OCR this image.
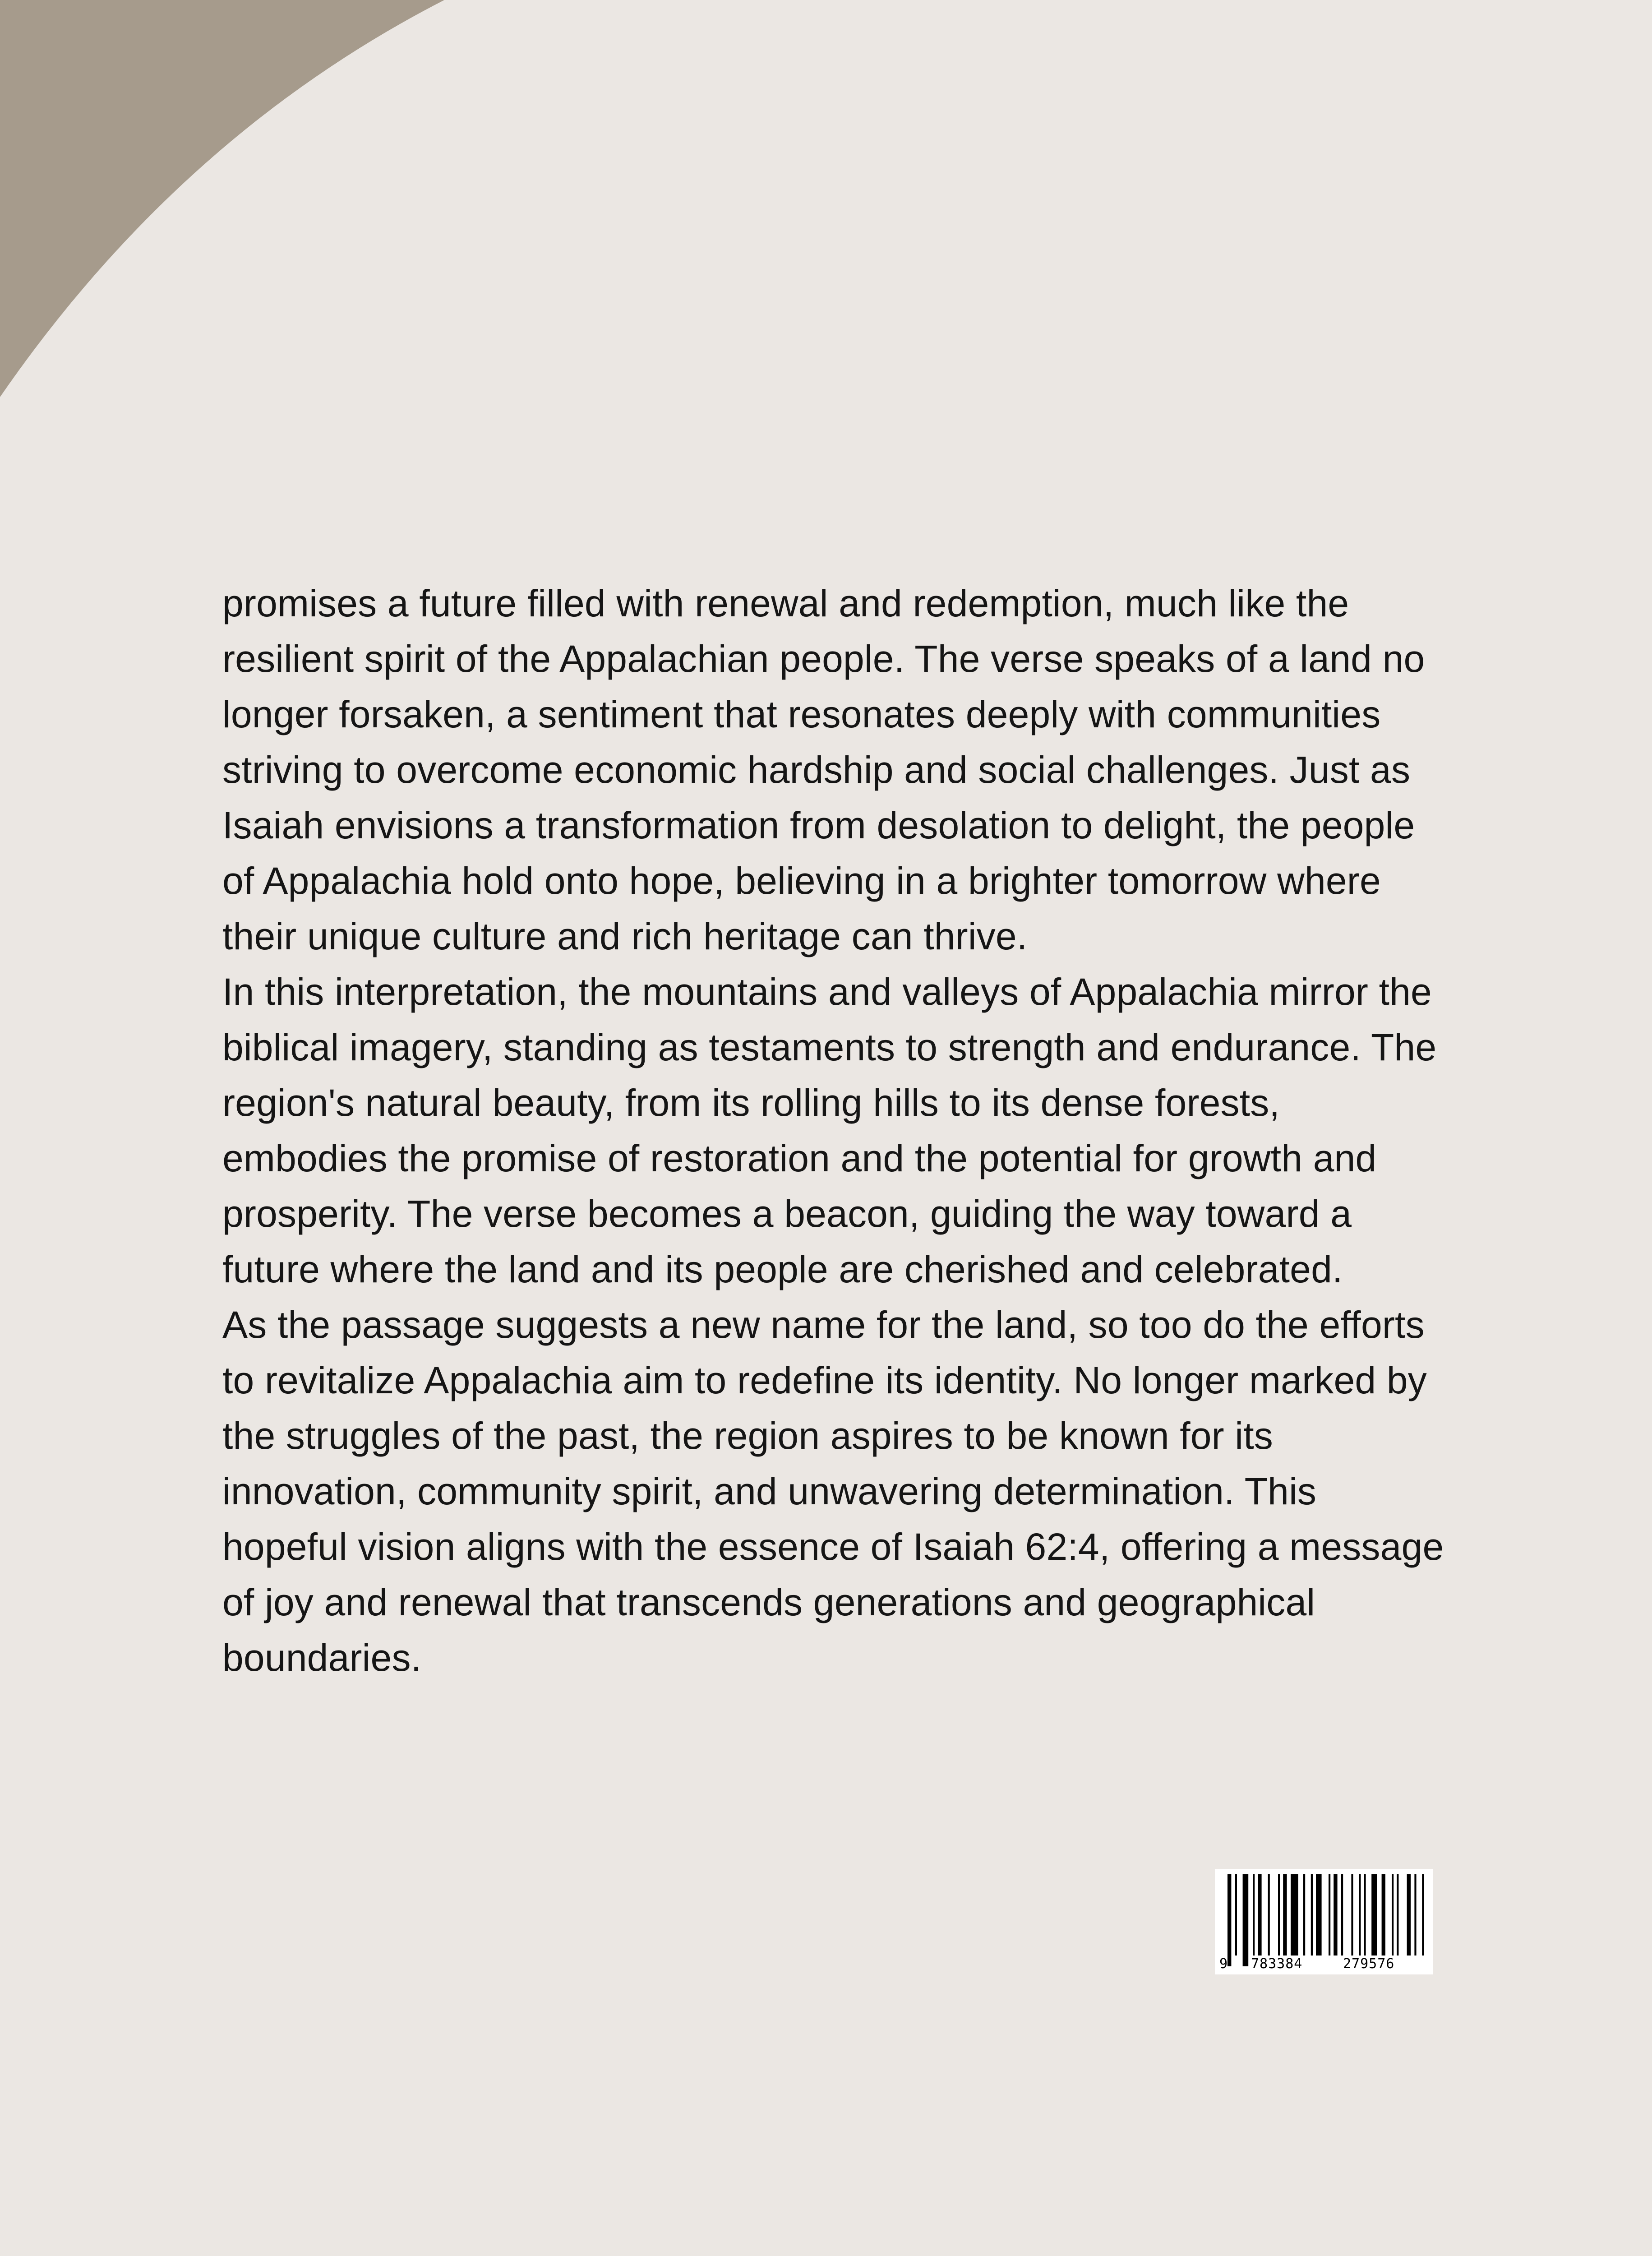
promises a future filled with renewal and redemption, much like the resilient spirit of the Appalachian people. The verse speaks of a land no longer forsaken, a sentiment that resonates deeply with communities striving to overcome economic hardship and social challenges. Just as Isaiah envisions a transformation from desolation to delight, the people of Appalachia hold onto hope, believing in a brighter tomorrow where their unique culture and rich heritage can thrive.

In this interpretation, the mountains and valleys of Appalachia mirror the biblical imagery, standing as testaments to strength and endurance. The region's natural beauty, from its rolling hills to its dense forests, embodies the promise of restoration and the potential for growth and prosperity. The verse becomes a beacon, guiding the way toward a future where the land and its people are cherished and celebrated.

As the passage suggests a new name for the land, so too do the efforts to revitalize Appalachia aim to redefine its identity. No longer marked by the struggles of the past, the region aspires to be known for its innovation, community spirit, and unwavering determination. This hopeful vision aligns with the essence of Isaiah 62:4, offering a message of joy and renewal that transcends generations and geographical boundaries.

9 783384	279576
